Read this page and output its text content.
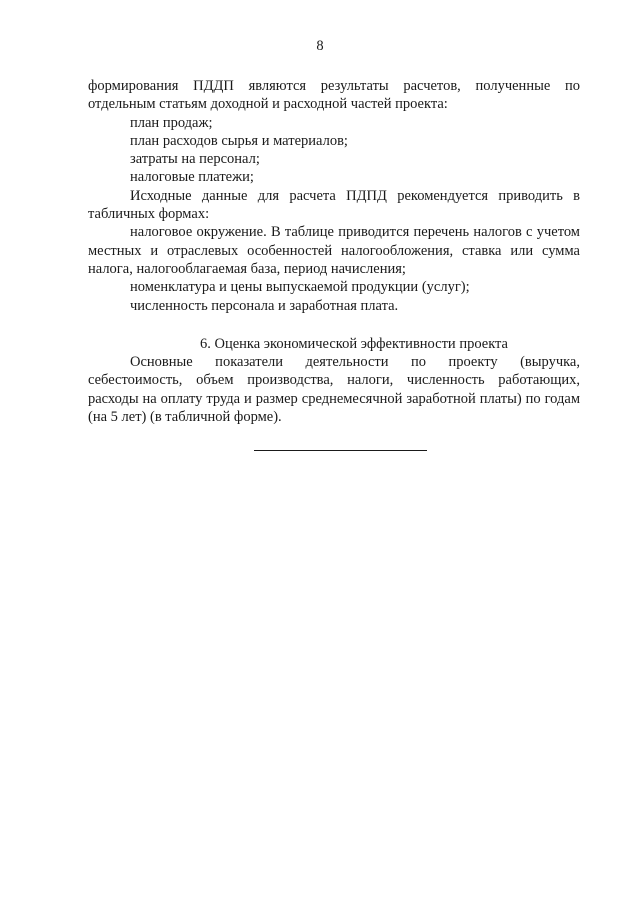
8

формирования ПДДП являются результаты расчетов, полученные по отдельным статьям доходной и расходной частей проекта:

план продаж;

план расходов сырья и материалов;

затраты на персонал;

налоговые платежи;

Исходные данные для расчета ПДПД рекомендуется приводить в табличных формах:

налоговое окружение. В таблице приводится перечень налогов с учетом местных и отраслевых особенностей налогообложения, ставка или сумма налога, налогооблагаемая база, период начисления;

номенклатура и цены выпускаемой продукции (услуг);

численность персонала и заработная плата.

6. Оценка экономической эффективности проекта

Основные показатели деятельности по проекту (выручка, себестоимость, объем производства, налоги, численность работающих, расходы на оплату труда и размер среднемесячной заработной платы) по годам (на 5 лет) (в табличной форме).
